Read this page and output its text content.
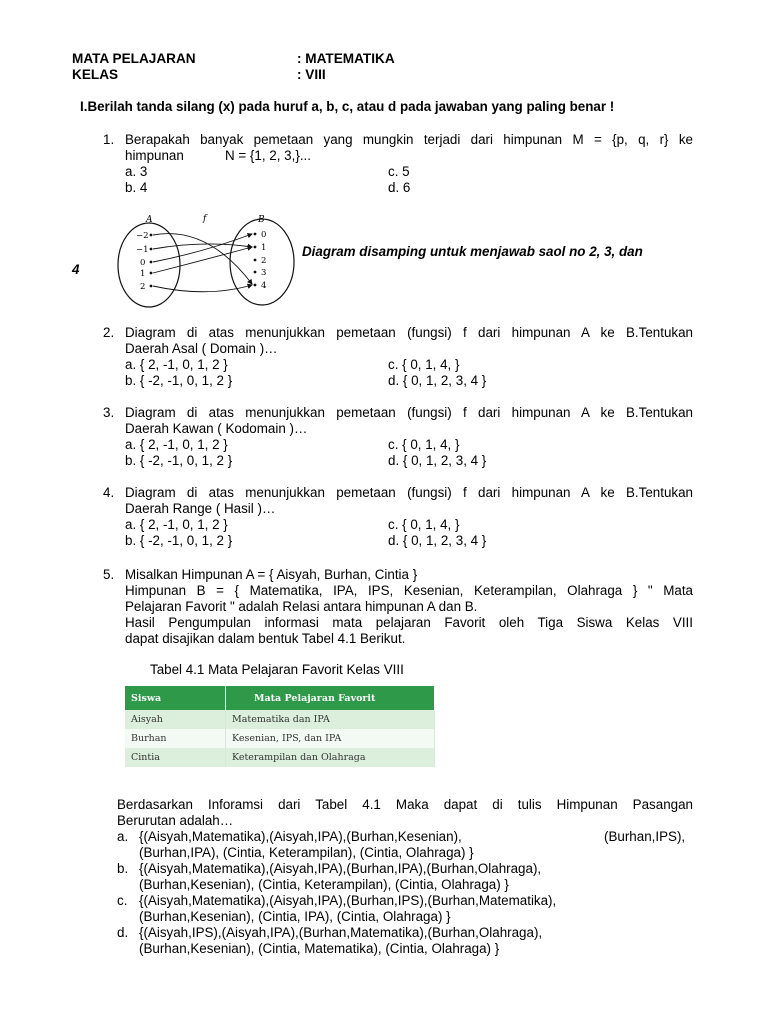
MATA PELAJARAN	: MATEMATIKA
KELAS	: VIII
I.Berilah tanda silang (x) pada huruf a, b, c, atau d pada jawaban yang paling benar !
1. Berapakah banyak pemetaan yang mungkin terjadi dari himpunan M = {p, q, r} ke
himpunan	N = {1, 2, 3,}...
a. 3
b. 4
c. 5
d. 6
A	f	B
−2
−1
0
1
2
0
1
2
3
4
Diagram disamping untuk menjawab saol no 2, 3, dan
4
2. Diagram di atas menunjukkan pemetaan (fungsi) f dari himpunan A ke B.Tentukan
Daerah Asal ( Domain )…
a. { 2, -1, 0, 1, 2 }
b. { -2, -1, 0, 1, 2 }
c. { 0, 1, 4, }
d. { 0, 1, 2, 3, 4 }
3. Diagram di atas menunjukkan pemetaan (fungsi) f dari himpunan A ke B.Tentukan
Daerah Kawan ( Kodomain )…
a. { 2, -1, 0, 1, 2 }
b. { -2, -1, 0, 1, 2 }
c. { 0, 1, 4, }
d. { 0, 1, 2, 3, 4 }
4. Diagram di atas menunjukkan pemetaan (fungsi) f dari himpunan A ke B.Tentukan
Daerah Range ( Hasil )…
a. { 2, -1, 0, 1, 2 }
b. { -2, -1, 0, 1, 2 }
c. { 0, 1, 4, }
d. { 0, 1, 2, 3, 4 }
5. Misalkan Himpunan A = { Aisyah, Burhan, Cintia }
Himpunan B = { Matematika, IPA, IPS, Kesenian, Keterampilan, Olahraga } " Mata
Pelajaran Favorit " adalah Relasi antara himpunan A dan B.
Hasil Pengumpulan informasi mata pelajaran Favorit oleh Tiga Siswa Kelas VIII
dapat disajikan dalam bentuk Tabel 4.1 Berikut.
Tabel 4.1 Mata Pelajaran Favorit Kelas VIII
Siswa	Mata Pelajaran Favorit
Aisyah	Matematika dan IPA
Burhan	Kesenian, IPS, dan IPA
Cintia	Keterampilan dan Olahraga
Berdasarkan Inforamsi dari Tabel 4.1 Maka dapat di tulis Himpunan Pasangan
Berurutan adalah…
a. {(Aisyah,Matematika),(Aisyah,IPA),(Burhan,Kesenian),	(Burhan,IPS),
(Burhan,IPA), (Cintia, Keterampilan), (Cintia, Olahraga) }
b. {(Aisyah,Matematika),(Aisyah,IPA),(Burhan,IPA),(Burhan,Olahraga),
(Burhan,Kesenian), (Cintia, Keterampilan), (Cintia, Olahraga) }
c. {(Aisyah,Matematika),(Aisyah,IPA),(Burhan,IPS),(Burhan,Matematika),
(Burhan,Kesenian), (Cintia, IPA), (Cintia, Olahraga) }
d. {(Aisyah,IPS),(Aisyah,IPA),(Burhan,Matematika),(Burhan,Olahraga),
(Burhan,Kesenian), (Cintia, Matematika), (Cintia, Olahraga) }
